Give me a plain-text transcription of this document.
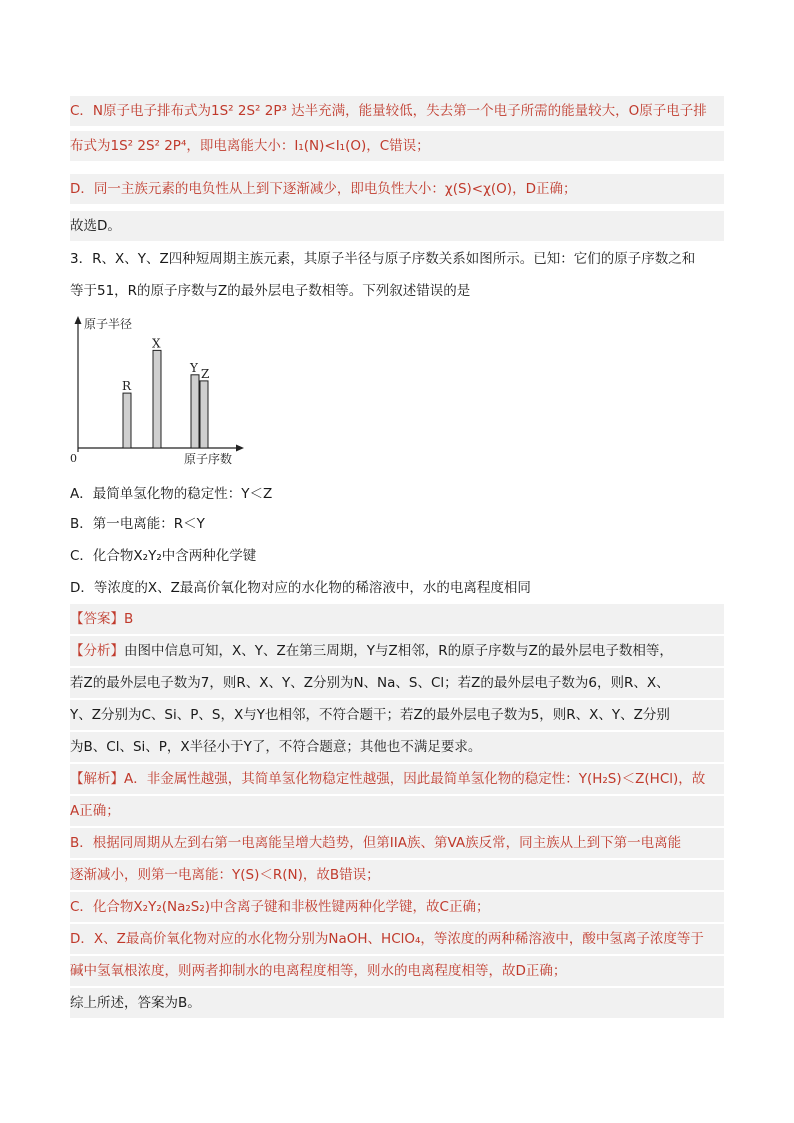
C．N原子电子排布式为1S² 2S² 2P³ 达半充满，能量较低，失去第一个电子所需的能量较大，O原子电子排
布式为1S² 2S² 2P⁴，即电离能大小：I₁(N)<I₁(O)，C错误；
D．同一主族元素的电负性从上到下逐渐减少，即电负性大小：χ(S)<χ(O)，D正确；
故选D。
3．R、X、Y、Z四种短周期主族元素，其原子半径与原子序数关系如图所示。已知：它们的原子序数之和
等于51，R的原子序数与Z的最外层电子数相等。下列叙述错误的是
原子半径
原子序数
0
R
X
Y Z
A．最简单氢化物的稳定性：Y＜Z
B．第一电离能：R＜Y
C．化合物X₂Y₂中含两种化学键
D．等浓度的X、Z最高价氧化物对应的水化物的稀溶液中，水的电离程度相同
【答案】B
【分析】由图中信息可知，X、Y、Z在第三周期，Y与Z相邻，R的原子序数与Z的最外层电子数相等，
若Z的最外层电子数为7，则R、X、Y、Z分别为N、Na、S、Cl；若Z的最外层电子数为6，则R、X、
Y、Z分别为C、Si、P、S，X与Y也相邻，不符合题干；若Z的最外层电子数为5，则R、X、Y、Z分别
为B、Cl、Si、P，X半径小于Y了，不符合题意；其他也不满足要求。
【解析】A．非金属性越强，其简单氢化物稳定性越强，因此最简单氢化物的稳定性：Y(H₂S)＜Z(HCl)，故
A正确；
B．根据同周期从左到右第一电离能呈增大趋势，但第IIA族、第VA族反常，同主族从上到下第一电离能
逐渐减小，则第一电离能：Y(S)＜R(N)，故B错误；
C．化合物X₂Y₂(Na₂S₂)中含离子键和非极性键两种化学键，故C正确；
D．X、Z最高价氧化物对应的水化物分别为NaOH、HClO₄，等浓度的两种稀溶液中，酸中氢离子浓度等于
碱中氢氧根浓度，则两者抑制水的电离程度相等，则水的电离程度相等，故D正确；
综上所述，答案为B。
